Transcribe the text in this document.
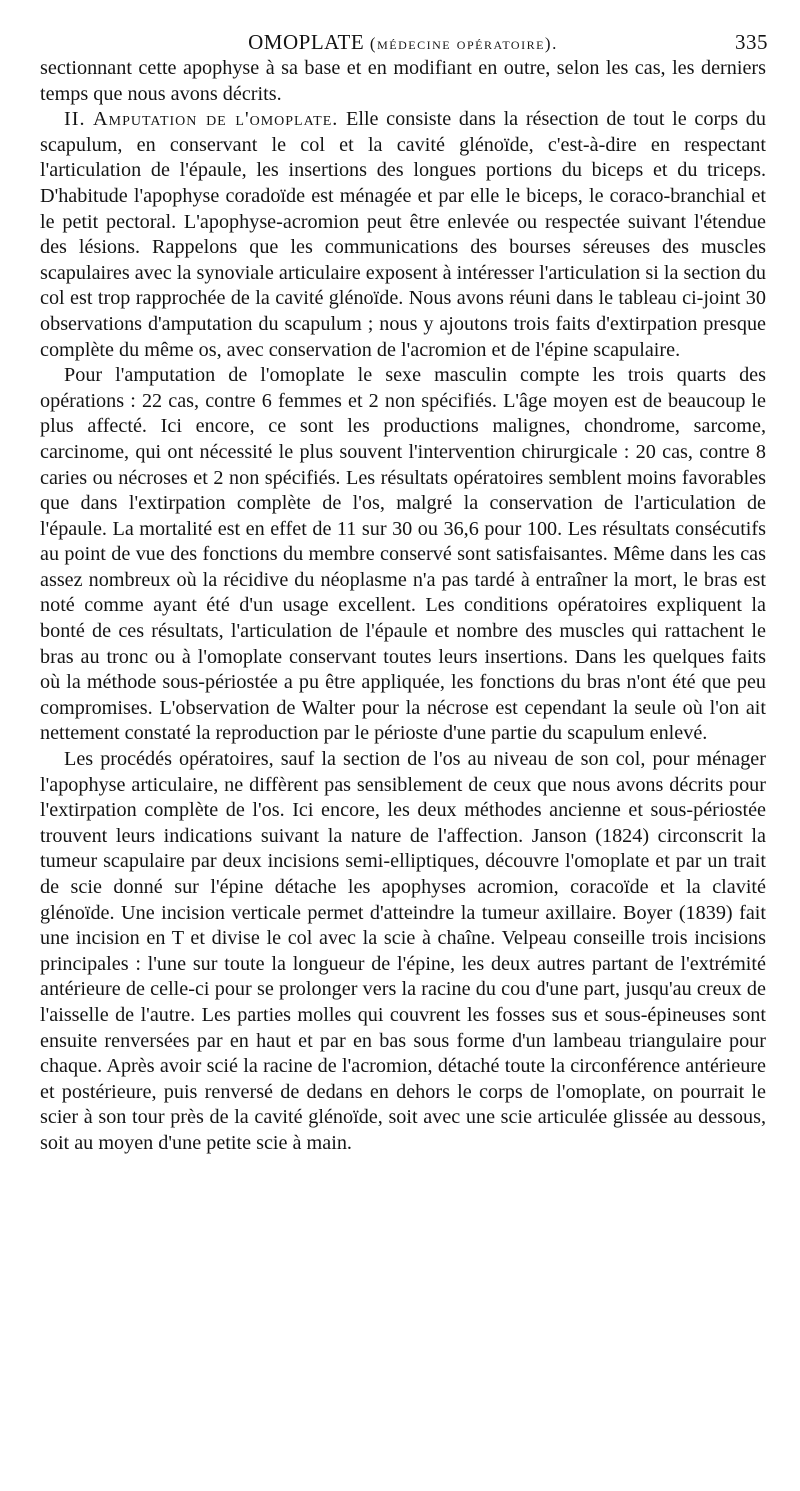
OMOPLATE (médecine opératoire).	335

sectionnant cette apophyse à sa base et en modifiant en outre, selon les cas, les derniers temps que nous avons décrits.

II. Amputation de l'omoplate. Elle consiste dans la résection de tout le corps du scapulum, en conservant le col et la cavité glénoïde, c'est-à-dire en respectant l'articulation de l'épaule, les insertions des longues portions du biceps et du triceps. D'habitude l'apophyse coradoïde est ménagée et par elle le biceps, le coraco-branchial et le petit pectoral. L'apophyse-acromion peut être enlevée ou respectée suivant l'étendue des lésions. Rappelons que les communications des bourses séreuses des muscles scapulaires avec la synoviale articulaire exposent à intéresser l'articulation si la section du col est trop rapprochée de la cavité glénoïde. Nous avons réuni dans le tableau ci-joint 30 observations d'amputation du scapulum ; nous y ajoutons trois faits d'extirpation presque complète du même os, avec conservation de l'acromion et de l'épine scapulaire.

Pour l'amputation de l'omoplate le sexe masculin compte les trois quarts des opérations : 22 cas, contre 6 femmes et 2 non spécifiés. L'âge moyen est de beaucoup le plus affecté. Ici encore, ce sont les productions malignes, chondrome, sarcome, carcinome, qui ont nécessité le plus souvent l'intervention chirurgicale : 20 cas, contre 8 caries ou nécroses et 2 non spécifiés. Les résultats opératoires semblent moins favorables que dans l'extirpation complète de l'os, malgré la conservation de l'articulation de l'épaule. La mortalité est en effet de 11 sur 30 ou 36,6 pour 100. Les résultats consécutifs au point de vue des fonctions du membre conservé sont satisfaisantes. Même dans les cas assez nombreux où la récidive du néoplasme n'a pas tardé à entraîner la mort, le bras est noté comme ayant été d'un usage excellent. Les conditions opératoires expliquent la bonté de ces résultats, l'articulation de l'épaule et nombre des muscles qui rattachent le bras au tronc ou à l'omoplate conservant toutes leurs insertions. Dans les quelques faits où la méthode sous-périostée a pu être appliquée, les fonctions du bras n'ont été que peu compromises. L'observation de Walter pour la nécrose est cependant la seule où l'on ait nettement constaté la reproduction par le périoste d'une partie du scapulum enlevé.

Les procédés opératoires, sauf la section de l'os au niveau de son col, pour ménager l'apophyse articulaire, ne diffèrent pas sensiblement de ceux que nous avons décrits pour l'extirpation complète de l'os. Ici encore, les deux méthodes ancienne et sous-périostée trouvent leurs indications suivant la nature de l'affection. Janson (1824) circonscrit la tumeur scapulaire par deux incisions semi-elliptiques, découvre l'omoplate et par un trait de scie donné sur l'épine détache les apophyses acromion, coracoïde et la clavité glénoïde. Une incision verticale permet d'atteindre la tumeur axillaire. Boyer (1839) fait une incision en T et divise le col avec la scie à chaîne. Velpeau conseille trois incisions principales : l'une sur toute la longueur de l'épine, les deux autres partant de l'extrémité antérieure de celle-ci pour se prolonger vers la racine du cou d'une part, jusqu'au creux de l'aisselle de l'autre. Les parties molles qui couvrent les fosses sus et sous-épineuses sont ensuite renversées par en haut et par en bas sous forme d'un lambeau triangulaire pour chaque. Après avoir scié la racine de l'acromion, détaché toute la circonférence antérieure et postérieure, puis renversé de dedans en dehors le corps de l'omoplate, on pourrait le scier à son tour près de la cavité glénoïde, soit avec une scie articulée glissée au dessous, soit au moyen d'une petite scie à main.
